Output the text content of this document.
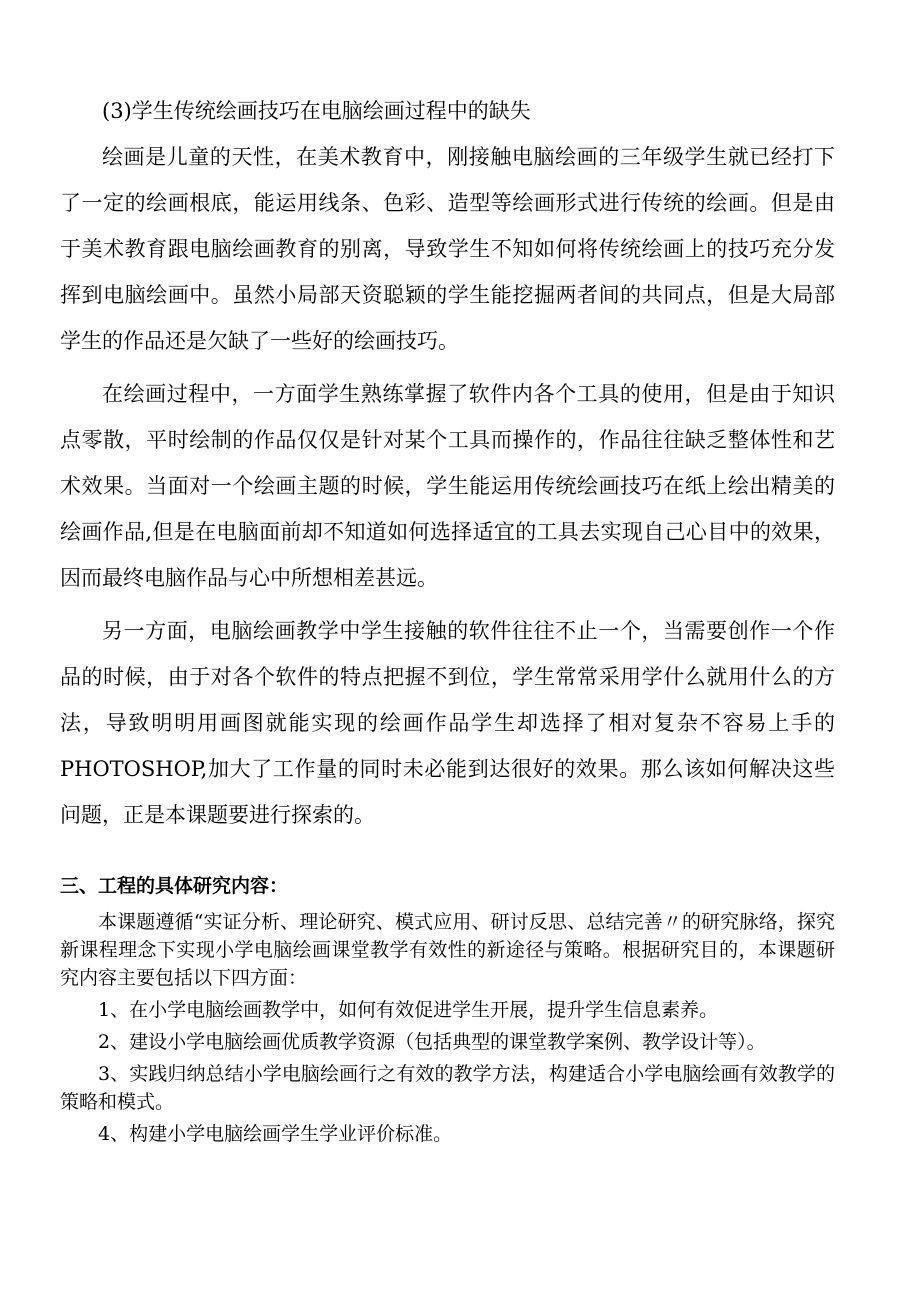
(3)学生传统绘画技巧在电脑绘画过程中的缺失

绘画是儿童的天性，在美术教育中，刚接触电脑绘画的三年级学生就已经打下了一定的绘画根底，能运用线条、色彩、造型等绘画形式进行传统的绘画。但是由于美术教育跟电脑绘画教育的别离，导致学生不知如何将传统绘画上的技巧充分发挥到电脑绘画中。虽然小局部天资聪颖的学生能挖掘两者间的共同点，但是大局部学生的作品还是欠缺了一些好的绘画技巧。

在绘画过程中，一方面学生熟练掌握了软件内各个工具的使用，但是由于知识点零散，平时绘制的作品仅仅是针对某个工具而操作的，作品往往缺乏整体性和艺术效果。当面对一个绘画主题的时候，学生能运用传统绘画技巧在纸上绘出精美的绘画作品,但是在电脑面前却不知道如何选择适宜的工具去实现自己心目中的效果，因而最终电脑作品与心中所想相差甚远。

另一方面，电脑绘画教学中学生接触的软件往往不止一个，当需要创作一个作品的时候，由于对各个软件的特点把握不到位，学生常常采用学什么就用什么的方法，导致明明用画图就能实现的绘画作品学生却选择了相对复杂不容易上手的PHOTOSHOP,加大了工作量的同时未必能到达很好的效果。那么该如何解决这些问题，正是本课题要进行探索的。

三、工程的具体研究内容：

本课题遵循“实证分析、理论研究、模式应用、研讨反思、总结完善〃的研究脉络，探究新课程理念下实现小学电脑绘画课堂教学有效性的新途径与策略。根据研究目的，本课题研究内容主要包括以下四方面：

1、在小学电脑绘画教学中，如何有效促进学生开展，提升学生信息素养。

2、建设小学电脑绘画优质教学资源（包括典型的课堂教学案例、教学设计等）。

3、实践归纳总结小学电脑绘画行之有效的教学方法，构建适合小学电脑绘画有效教学的策略和模式。

4、构建小学电脑绘画学生学业评价标准。
